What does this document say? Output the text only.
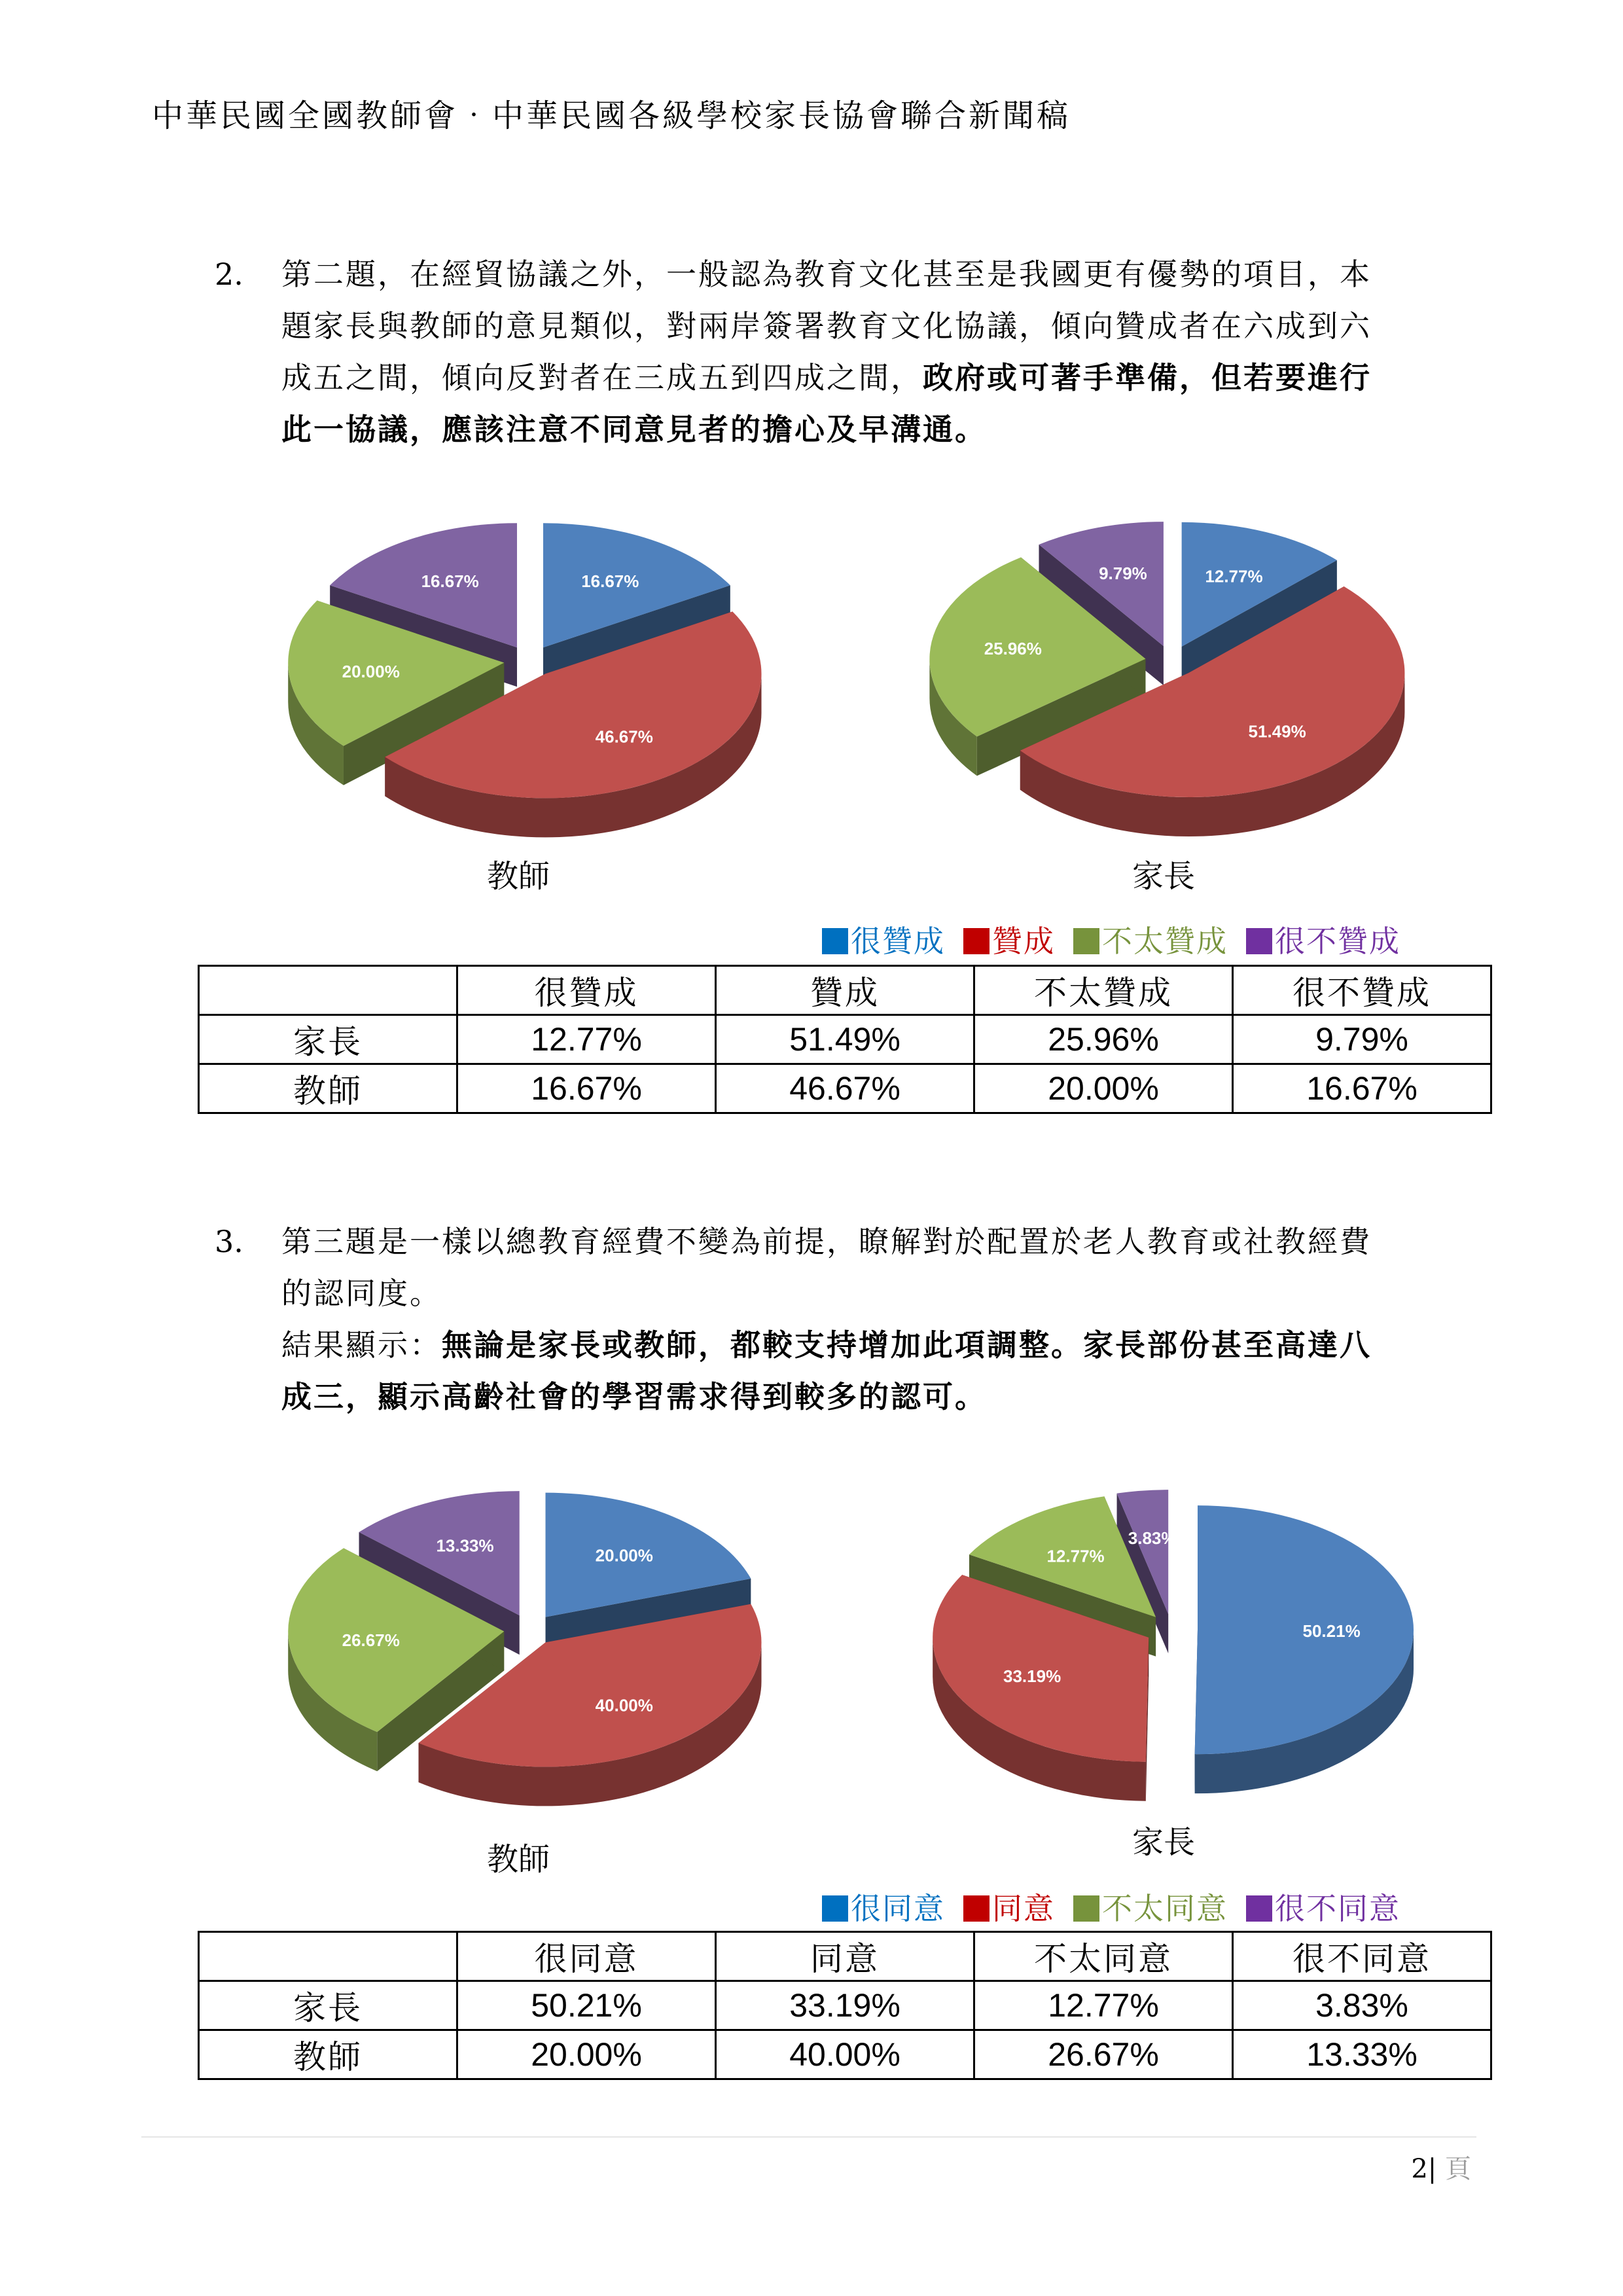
中華民國全國教師會‧中華民國各級學校家長協會聯合新聞稿
2. 第二題，在經貿協議之外，一般認為教育文化甚至是我國更有優勢的項目，本
題家長與教師的意見類似，對兩岸簽署教育文化協議，傾向贊成者在六成到六
成五之間，傾向反對者在三成五到四成之間，政府或可著手準備，但若要進行
此一協議，應該注意不同意見者的擔心及早溝通。
16.67%
46.67%
20.00%
16.67%	12.77%
51.49%
25.96%
9.79%
教師	家長
很贊成	贊成	不太贊成	很不贊成
	很贊成	贊成	不太贊成	很不贊成
家長	12.77%	51.49%	25.96%	9.79%
教師	16.67%	46.67%	20.00%	16.67%
3. 第三題是一樣以總教育經費不變為前提，瞭解對於配置於老人教育或社教經費
的認同度。
結果顯示：無論是家長或教師，都較支持增加此項調整。家長部份甚至高達八
成三，顯示高齡社會的學習需求得到較多的認可。
20.00%
40.00%
26.67%
13.33%
50.21%
33.19%
12.77%
3.83%
教師	家長
很同意	同意	不太同意	很不同意
	很同意	同意	不太同意	很不同意
家長	50.21%	33.19%	12.77%	3.83%
教師	20.00%	40.00%	26.67%	13.33%
2| 頁
